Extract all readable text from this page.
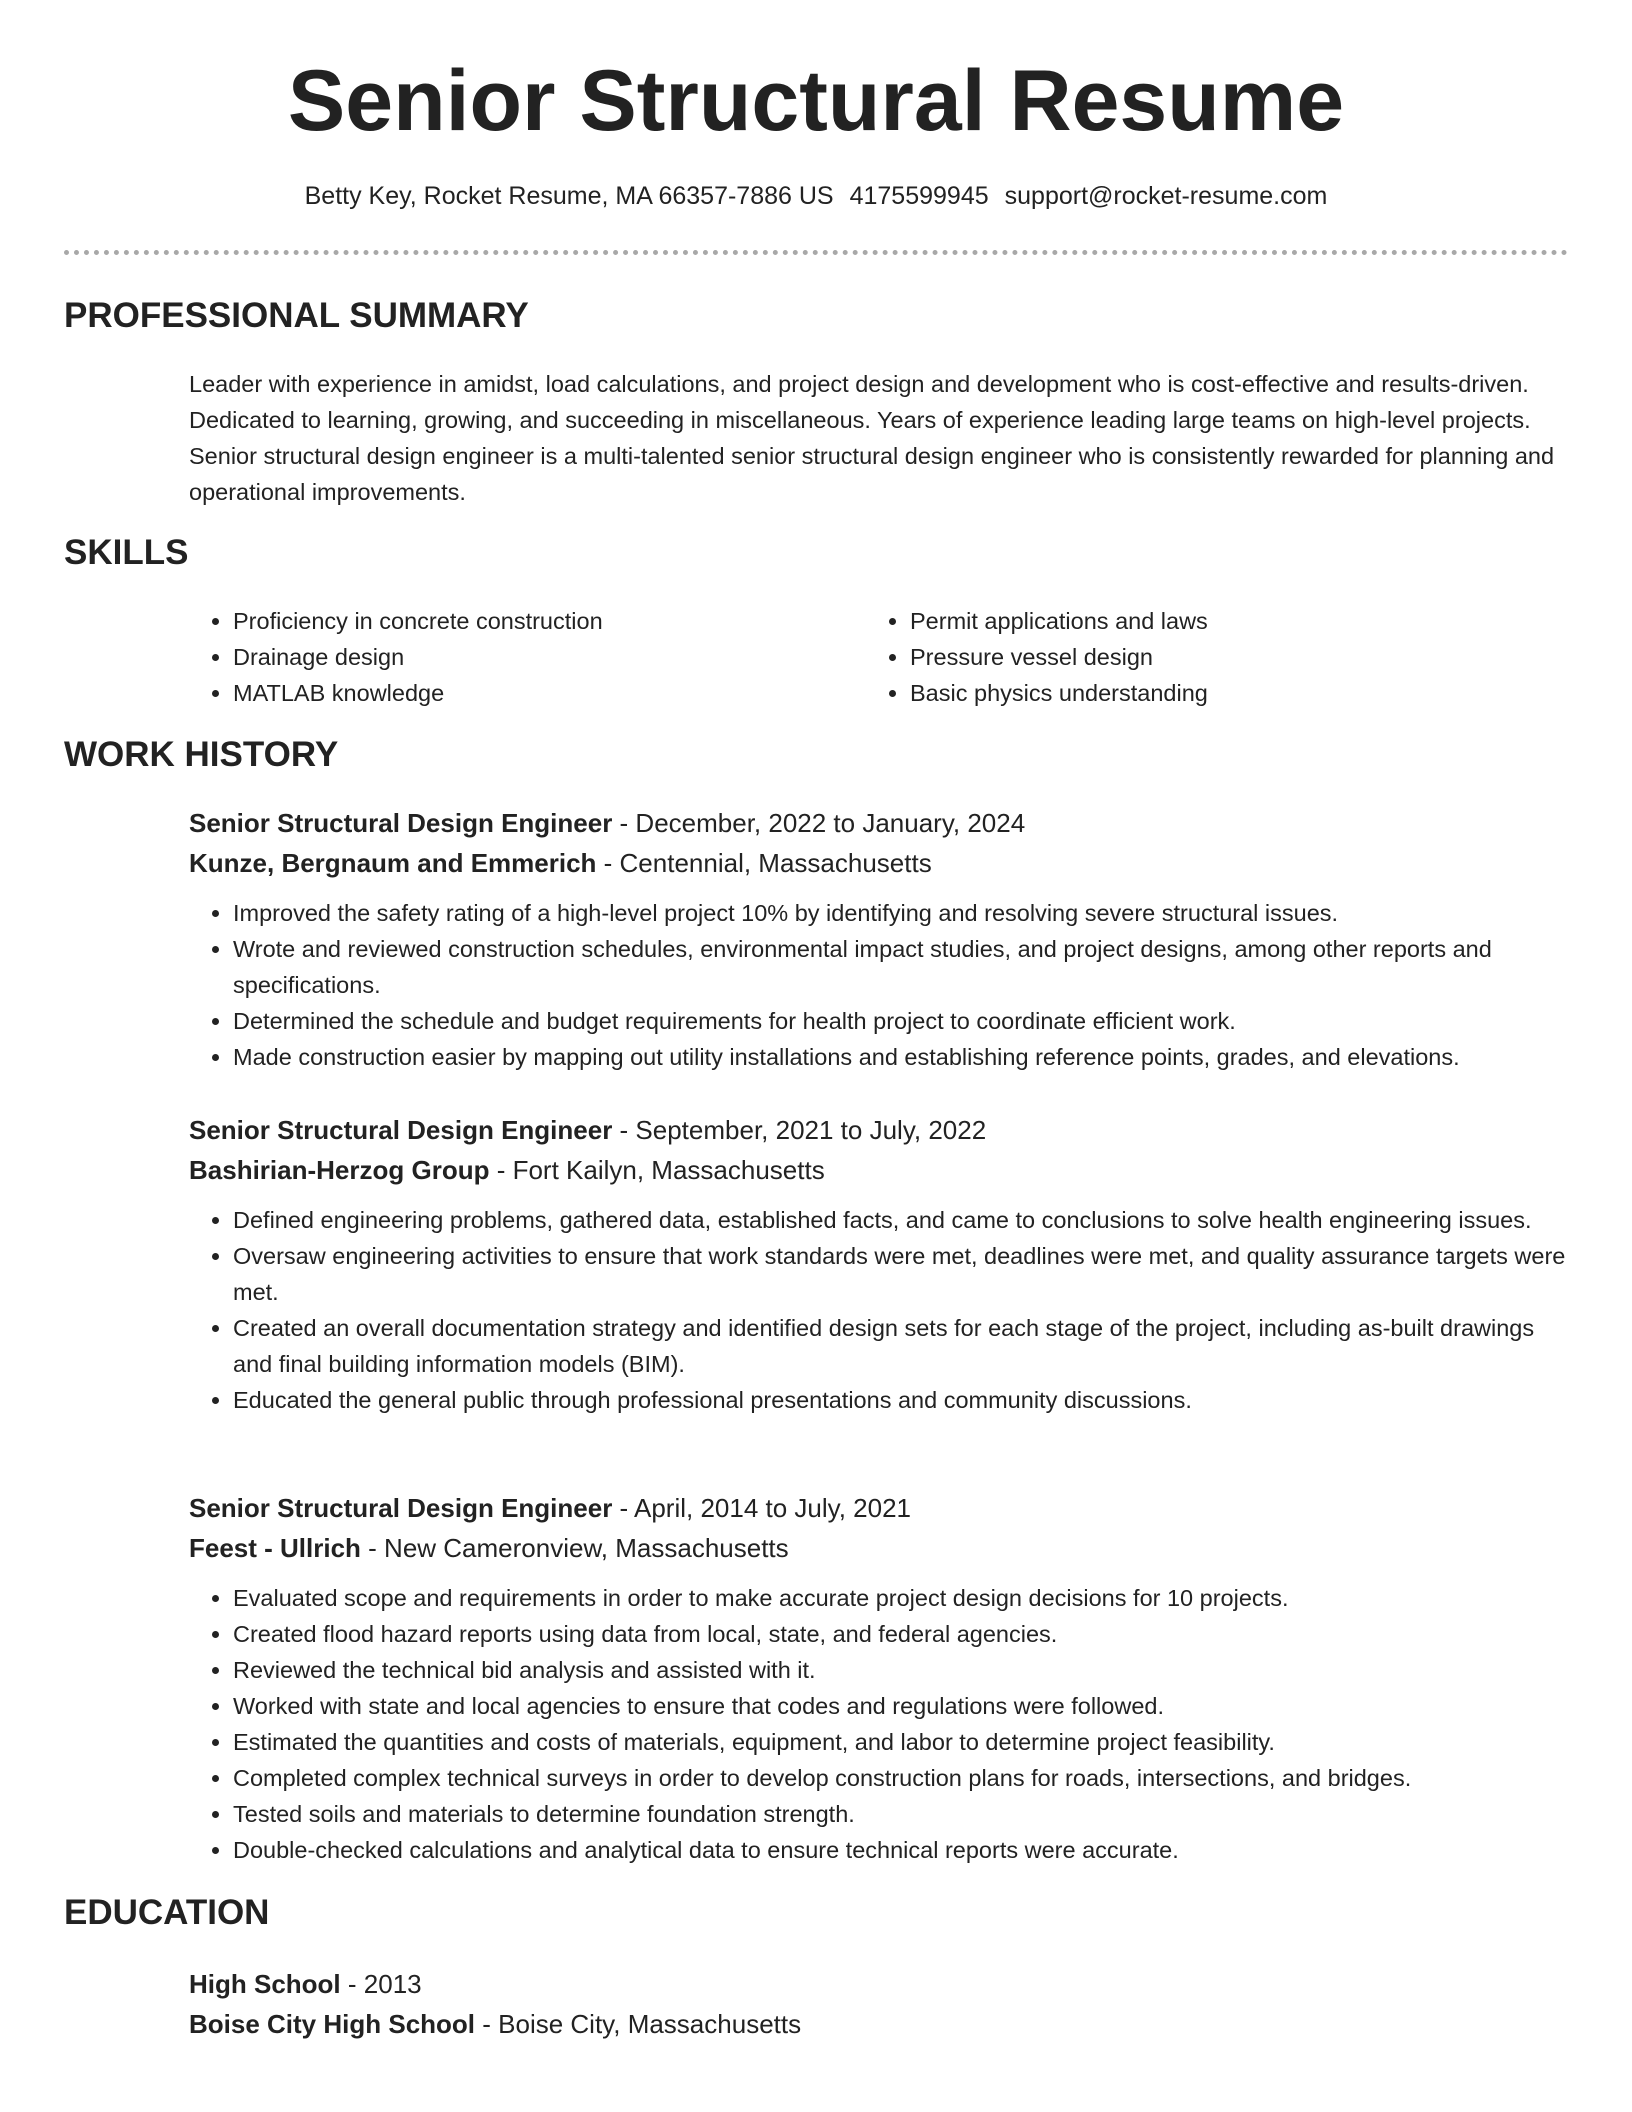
Senior Structural Resume
Betty Key, Rocket Resume, MA 66357-7886 US 4175599945 support@rocket-resume.com
PROFESSIONAL SUMMARY
Leader with experience in amidst, load calculations, and project design and development who is cost-effective and results-driven. Dedicated to learning, growing, and succeeding in miscellaneous. Years of experience leading large teams on high-level projects. Senior structural design engineer is a multi-talented senior structural design engineer who is consistently rewarded for planning and operational improvements.
SKILLS
• Proficiency in concrete construction
• Drainage design
• MATLAB knowledge
• Permit applications and laws
• Pressure vessel design
• Basic physics understanding
WORK HISTORY
Senior Structural Design Engineer - December, 2022 to January, 2024
Kunze, Bergnaum and Emmerich - Centennial, Massachusetts
• Improved the safety rating of a high-level project 10% by identifying and resolving severe structural issues.
• Wrote and reviewed construction schedules, environmental impact studies, and project designs, among other reports and specifications.
• Determined the schedule and budget requirements for health project to coordinate efficient work.
• Made construction easier by mapping out utility installations and establishing reference points, grades, and elevations.
Senior Structural Design Engineer - September, 2021 to July, 2022
Bashirian-Herzog Group - Fort Kailyn, Massachusetts
• Defined engineering problems, gathered data, established facts, and came to conclusions to solve health engineering issues.
• Oversaw engineering activities to ensure that work standards were met, deadlines were met, and quality assurance targets were met.
• Created an overall documentation strategy and identified design sets for each stage of the project, including as-built drawings and final building information models (BIM).
• Educated the general public through professional presentations and community discussions.
Senior Structural Design Engineer - April, 2014 to July, 2021
Feest - Ullrich - New Cameronview, Massachusetts
• Evaluated scope and requirements in order to make accurate project design decisions for 10 projects.
• Created flood hazard reports using data from local, state, and federal agencies.
• Reviewed the technical bid analysis and assisted with it.
• Worked with state and local agencies to ensure that codes and regulations were followed.
• Estimated the quantities and costs of materials, equipment, and labor to determine project feasibility.
• Completed complex technical surveys in order to develop construction plans for roads, intersections, and bridges.
• Tested soils and materials to determine foundation strength.
• Double-checked calculations and analytical data to ensure technical reports were accurate.
EDUCATION
High School - 2013
Boise City High School - Boise City, Massachusetts
